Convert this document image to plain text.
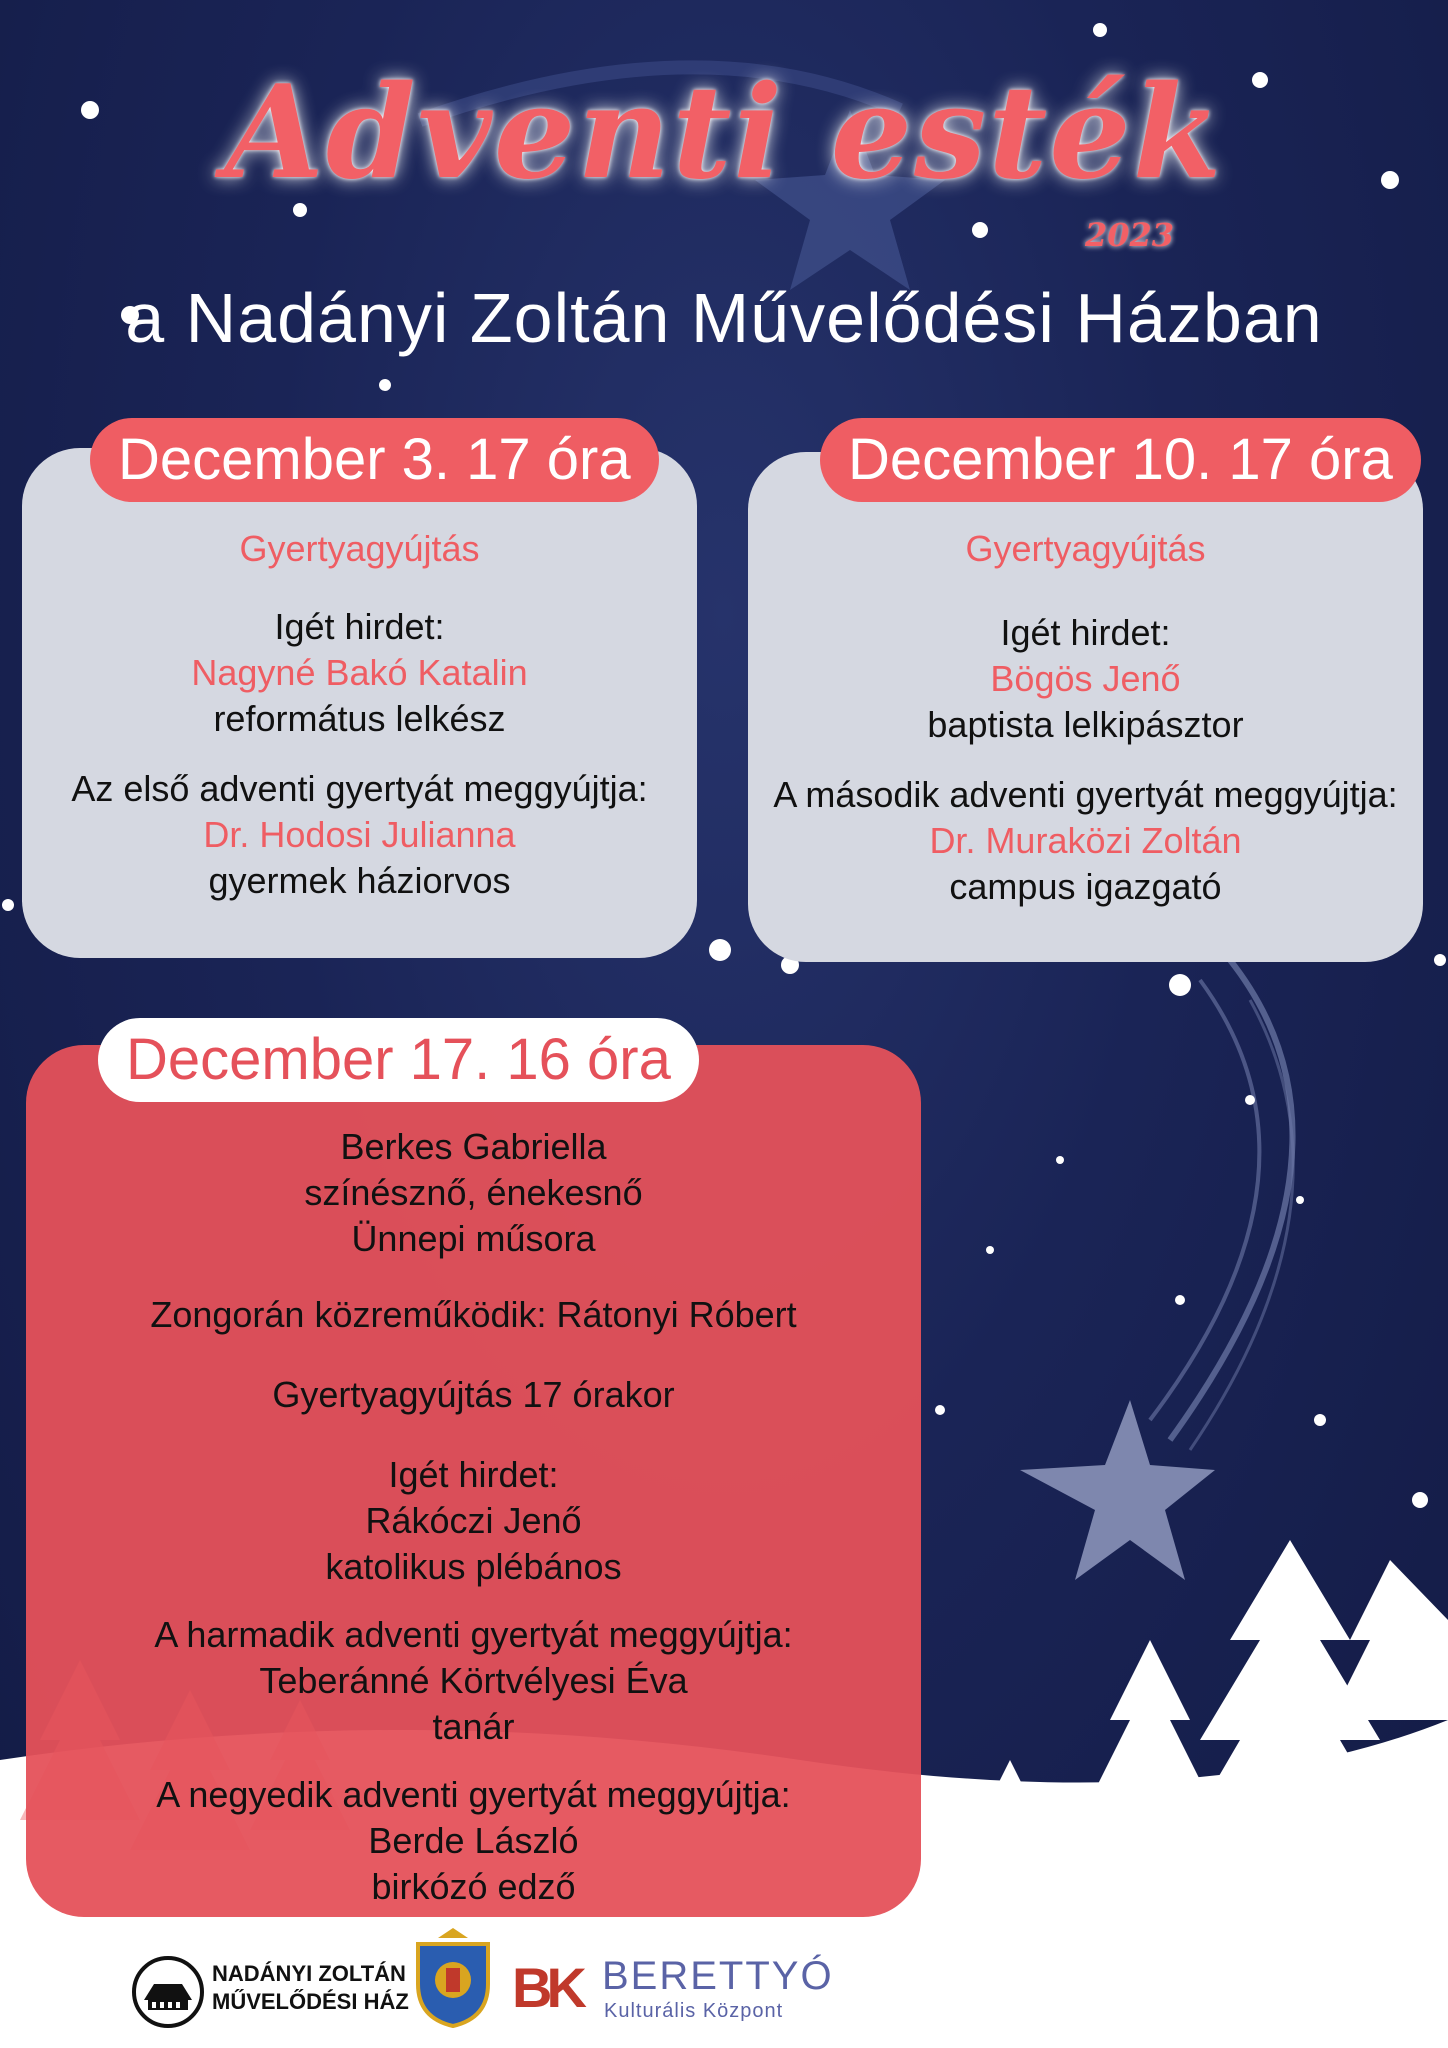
Adventi esték
2023
a Nadányi Zoltán Művelődési Házban
December 3. 17 óra
Gyertyagyújtás
Igét hirdet:
Nagyné Bakó Katalin
református lelkész
Az első adventi gyertyát meggyújtja:
Dr. Hodosi Julianna
gyermek háziorvos
December 10. 17 óra
Gyertyagyújtás
Igét hirdet:
Bögös Jenő
baptista lelkipásztor
A második adventi gyertyát meggyújtja:
Dr. Muraközi Zoltán
campus igazgató
December 17. 16 óra
Berkes Gabriella
színésznő, énekesnő
Ünnepi műsora
Zongorán közreműködik: Rátonyi Róbert
Gyertyagyújtás 17 órakor
Igét hirdet:
Rákóczi Jenő
katolikus plébános
A harmadik adventi gyertyát meggyújtja:
Teberánné Körtvélyesi Éva
tanár
A negyedik adventi gyertyát meggyújtja:
Berde László
birkózó edző
NADÁNYI ZOLTÁN
MŰVELŐDÉSI HÁZ BK BERETTYÓ
Kulturális Központ
